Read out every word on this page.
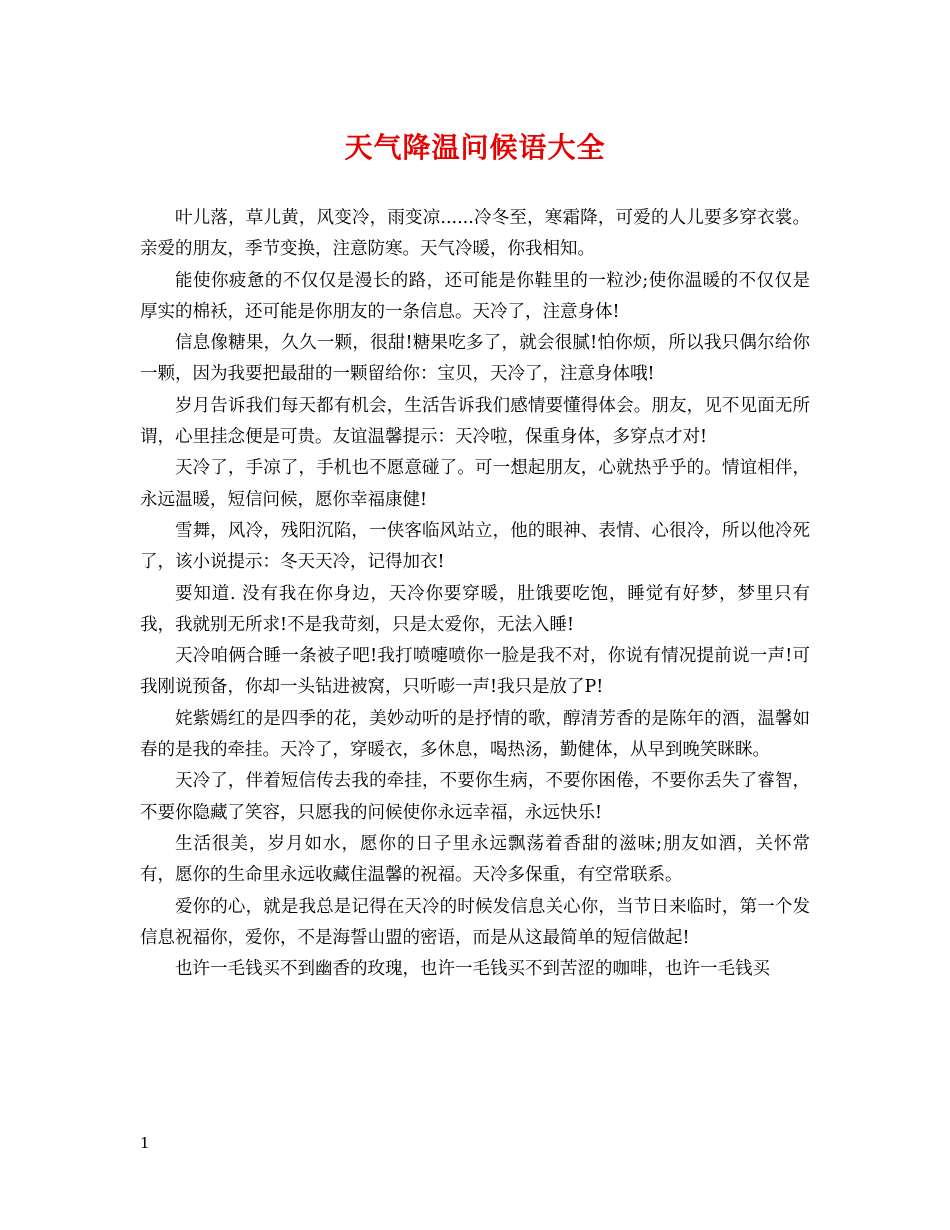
天气降温问候语大全

叶儿落，草儿黄，风变冷，雨变凉......冷冬至，寒霜降，可爱的人儿要多穿衣裳。亲爱的朋友，季节变换，注意防寒。天气冷暖，你我相知。

能使你疲惫的不仅仅是漫长的路，还可能是你鞋里的一粒沙;使你温暖的不仅仅是厚实的棉袄，还可能是你朋友的一条信息。天冷了，注意身体!

信息像糖果，久久一颗，很甜!糖果吃多了，就会很腻!怕你烦，所以我只偶尔给你一颗，因为我要把最甜的一颗留给你：宝贝，天冷了，注意身体哦!

岁月告诉我们每天都有机会，生活告诉我们感情要懂得体会。朋友，见不见面无所谓，心里挂念便是可贵。友谊温馨提示：天冷啦，保重身体，多穿点才对!

天冷了，手凉了，手机也不愿意碰了。可一想起朋友，心就热乎乎的。情谊相伴，永远温暖，短信问候，愿你幸福康健!

雪舞，风冷，残阳沉陷，一侠客临风站立，他的眼神、表情、心很冷，所以他冷死了，该小说提示：冬天天冷，记得加衣!

要知道. 没有我在你身边，天冷你要穿暖，肚饿要吃饱，睡觉有好梦，梦里只有我，我就别无所求!不是我苛刻，只是太爱你，无法入睡!

天冷咱俩合睡一条被子吧!我打喷嚏喷你一脸是我不对，你说有情况提前说一声!可我刚说预备，你却一头钻进被窝，只听嘭一声!我只是放了P!

姹紫嫣红的是四季的花，美妙动听的是抒情的歌，醇清芳香的是陈年的酒，温馨如春的是我的牵挂。天冷了，穿暖衣，多休息，喝热汤，勤健体，从早到晚笑眯眯。

天冷了，伴着短信传去我的牵挂，不要你生病，不要你困倦，不要你丢失了睿智，不要你隐藏了笑容，只愿我的问候使你永远幸福，永远快乐!

生活很美，岁月如水，愿你的日子里永远飘荡着香甜的滋味;朋友如酒，关怀常有，愿你的生命里永远收藏住温馨的祝福。天冷多保重，有空常联系。

爱你的心，就是我总是记得在天冷的时候发信息关心你，当节日来临时，第一个发信息祝福你，爱你，不是海誓山盟的密语，而是从这最简单的短信做起!

也许一毛钱买不到幽香的玫瑰，也许一毛钱买不到苦涩的咖啡，也许一毛钱买

1
